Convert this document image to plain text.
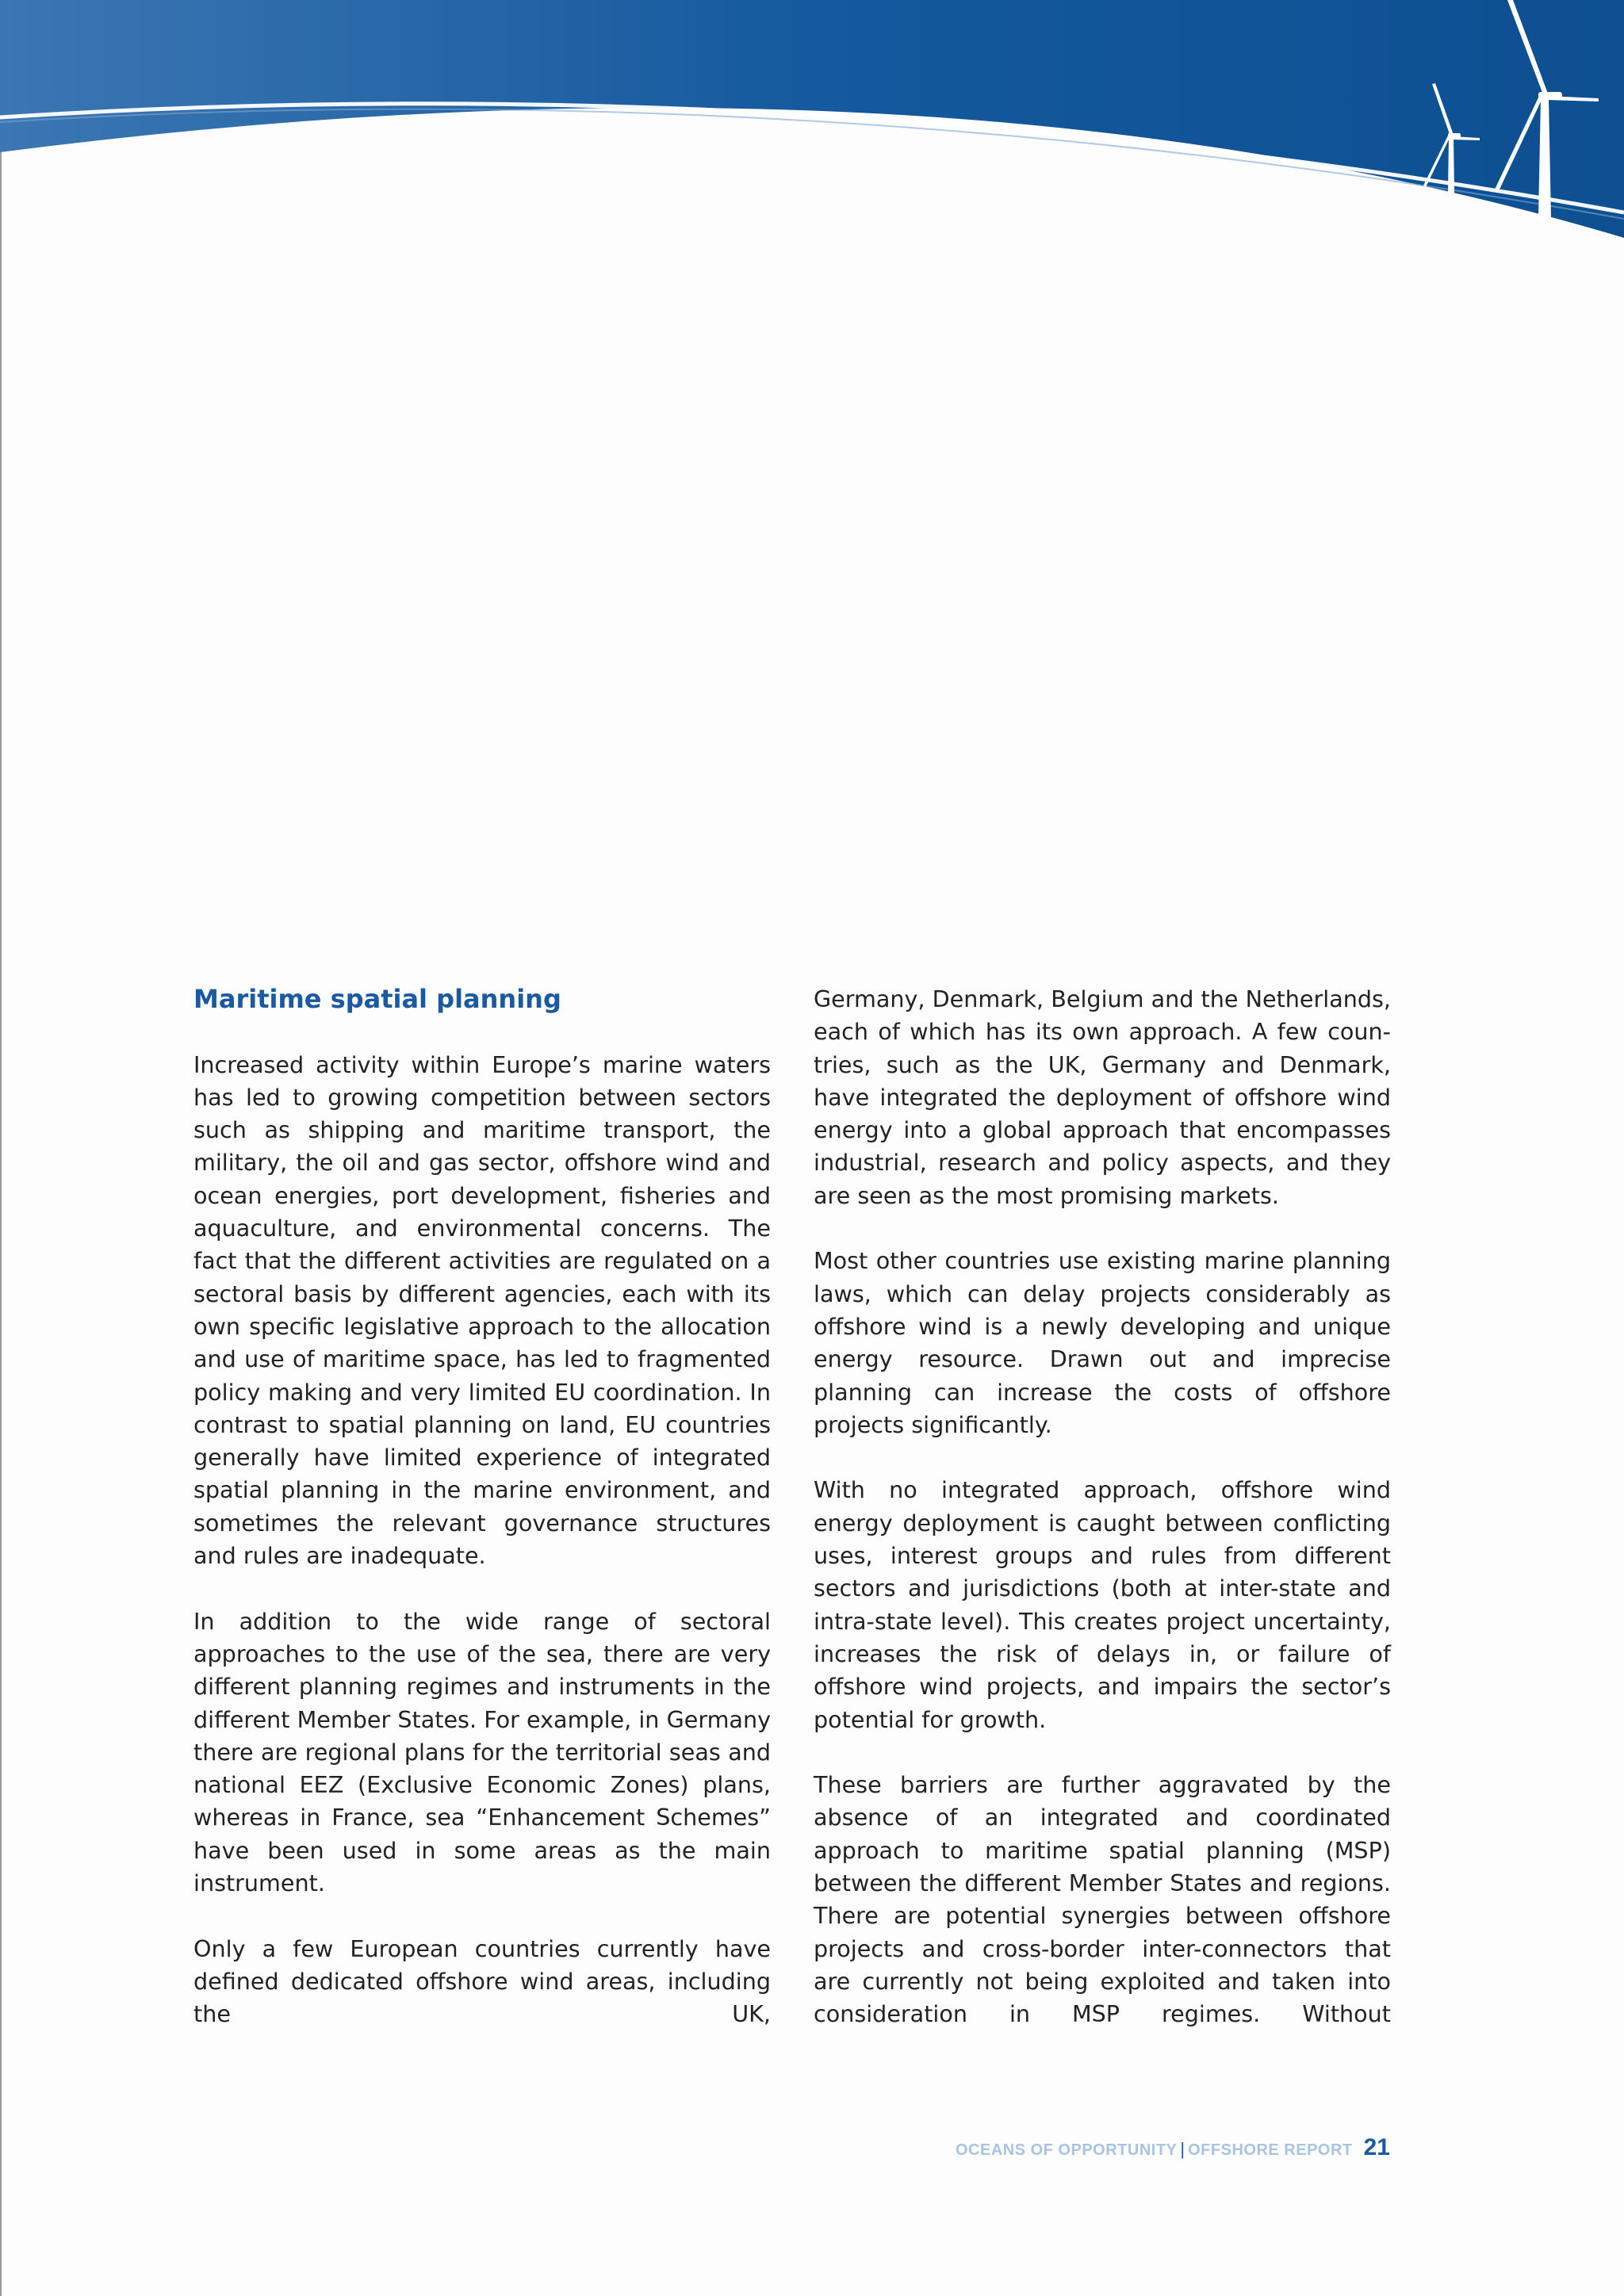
Maritime spatial planning

Increased activity within Europe’s marine waters has led to growing competition between sectors such as shipping and maritime transport, the military, the oil and gas sector, offshore wind and ocean energies, port development, fisheries and aquaculture, and environmental concerns. The fact that the different activities are regulated on a sectoral basis by different agencies, each with its own specific legislative approach to the allocation and use of maritime space, has led to fragmented policy making and very limited EU coordination. In contrast to spatial planning on land, EU countries generally have limited experience of integrated spatial planning in the marine environment, and sometimes the relevant governance structures and rules are inadequate.

In addition to the wide range of sectoral approaches to the use of the sea, there are very different planning regimes and instruments in the different Member States. For example, in Germany there are regional plans for the territorial seas and national EEZ (Exclusive Economic Zones) plans, whereas in France, sea “Enhancement Schemes” have been used in some areas as the main instrument.

Only a few European countries currently have defined dedicated offshore wind areas, including the UK,

Germany, Denmark, Belgium and the Netherlands, each of which has its own approach. A few countries, such as the UK, Germany and Denmark, have integrated the deployment of offshore wind energy into a global approach that encompasses industrial, research and policy aspects, and they are seen as the most promising markets.

Most other countries use existing marine planning laws, which can delay projects considerably as offshore wind is a newly developing and unique energy resource. Drawn out and imprecise planning can increase the costs of offshore projects significantly.

With no integrated approach, offshore wind energy deployment is caught between conflicting uses, interest groups and rules from different sectors and jurisdictions (both at inter-state and intra-state level). This creates project uncertainty, increases the risk of delays in, or failure of offshore wind projects, and impairs the sector’s potential for growth.

These barriers are further aggravated by the absence of an integrated and coordinated approach to maritime spatial planning (MSP) between the different Member States and regions. There are potential synergies between offshore projects and cross-border inter-connectors that are currently not being exploited and taken into consideration in MSP regimes. Without

OCEANS OF OPPORTUNITY | OFFSHORE REPORT 21
